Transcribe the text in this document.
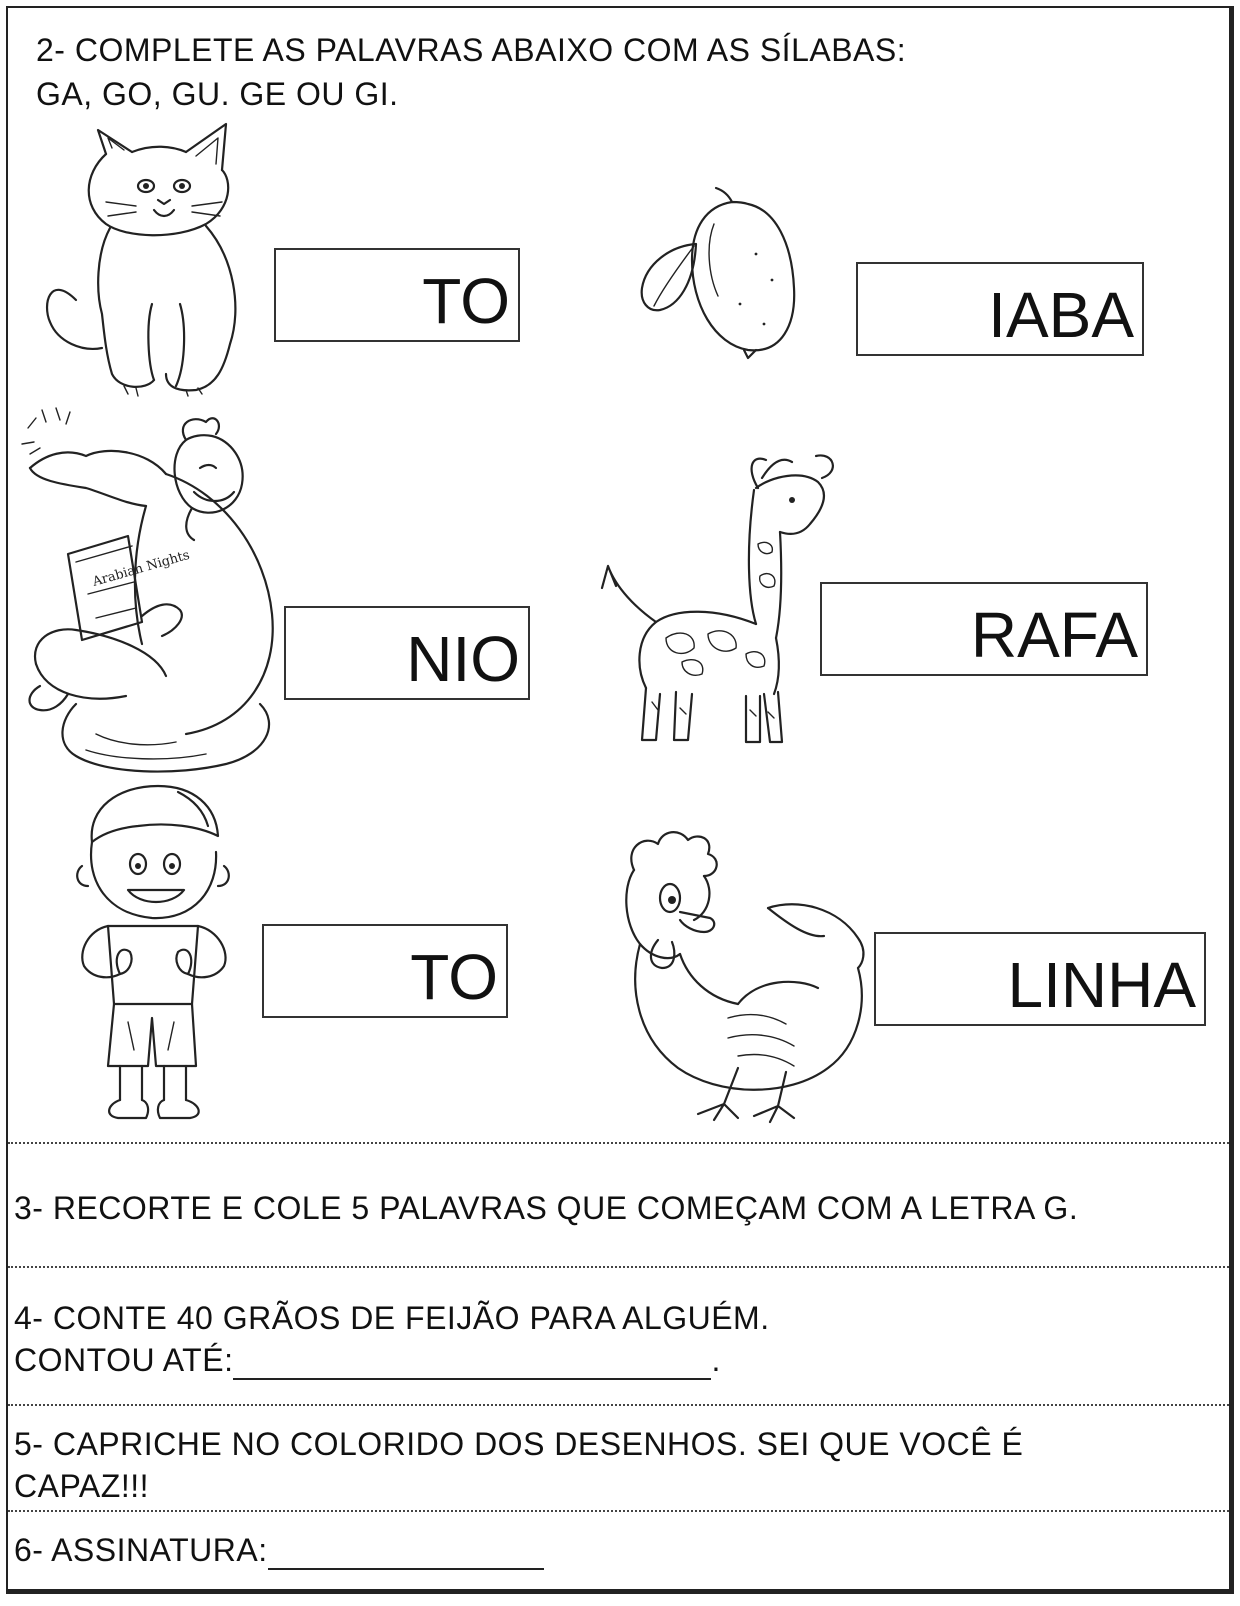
2- COMPLETE AS PALAVRAS ABAIXO COM AS SÍLABAS:
GA, GO, GU. GE OU GI.
TO	IABA
Arabian Nights
NIO	RAFA
TO	LINHA
3- RECORTE E COLE 5 PALAVRAS QUE COMEÇAM COM A LETRA G.
4- CONTE 40 GRÃOS DE FEIJÃO PARA ALGUÉM.
CONTOU ATÉ:	.
5- CAPRICHE NO COLORIDO DOS DESENHOS. SEI QUE VOCÊ É
CAPAZ!!!
6- ASSINATURA:
